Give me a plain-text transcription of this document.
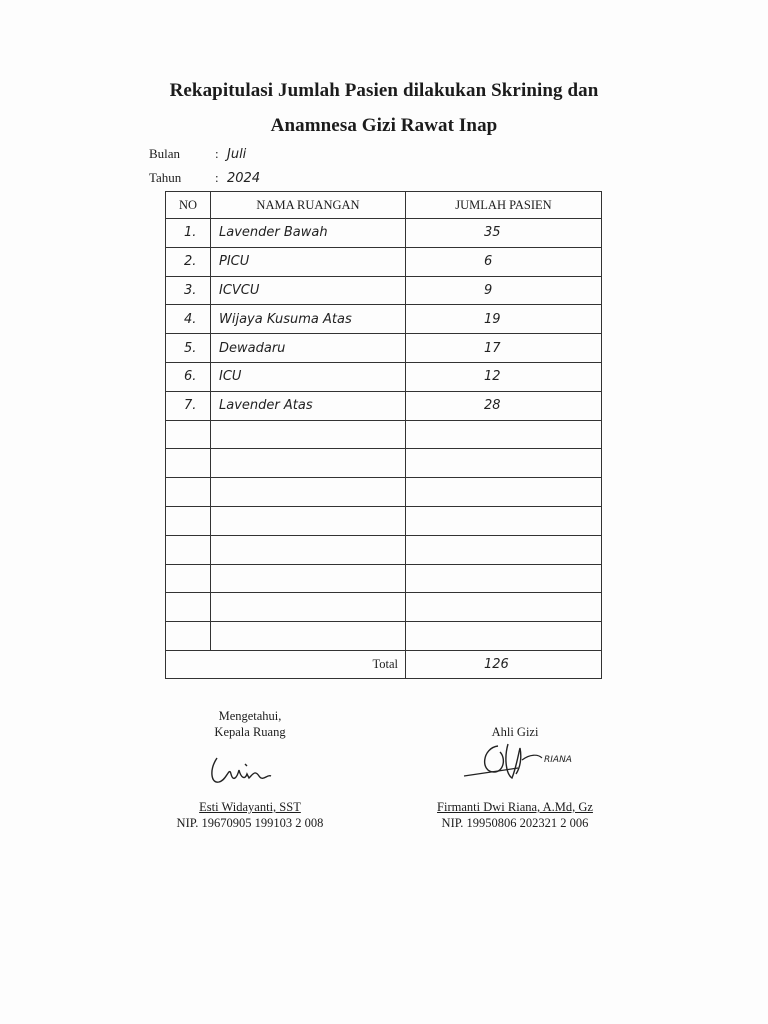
Rekapitulasi Jumlah Pasien dilakukan Skrining dan
Anamnesa Gizi Rawat Inap
Bulan	: Juli
Tahun	: 2024
NO	NAMA RUANGAN	JUMLAH PASIEN
1.	Lavender Bawah	35
2.	PICU	6
3.	ICVCU	9
4.	Wijaya Kusuma Atas	19
5.	Dewadaru	17
6.	ICU	12
7.	Lavender Atas	28

Total		126
Mengetahui,
Kepala Ruang	Ahli Gizi
RIANA
Esti Widayanti, SST
NIP. 19670905 199103 2 008
Firmanti Dwi Riana, A.Md, Gz
NIP. 19950806 202321 2 006
